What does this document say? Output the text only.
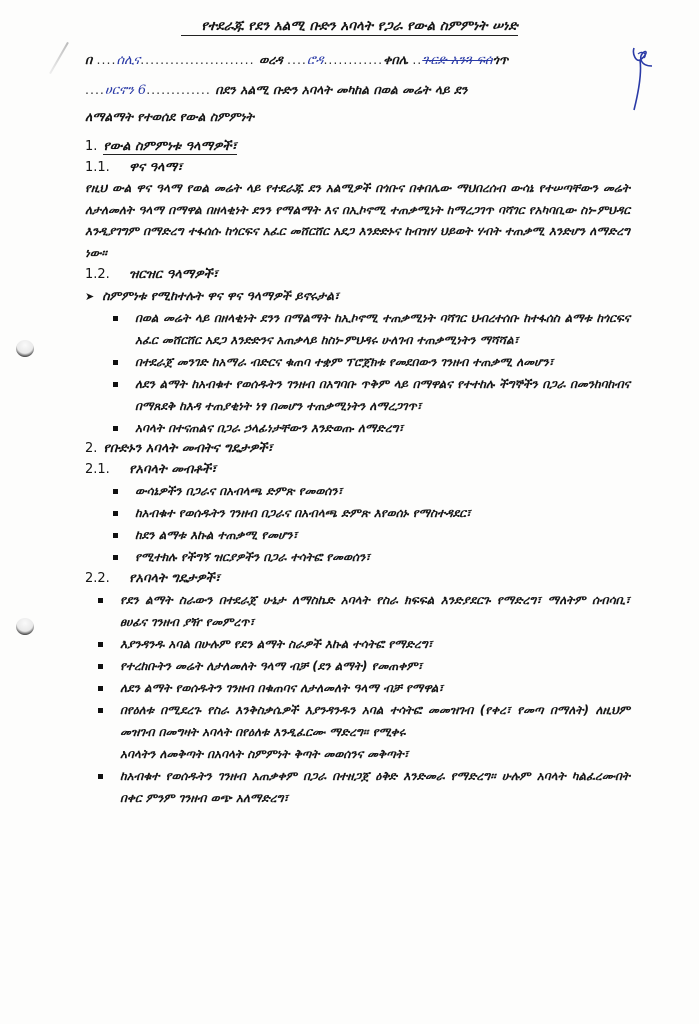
የተደራጁ የደን አልሚ ቡድን አባላት የጋራ የውል ስምምነት ሠነድ
በ ....ሰሊና....................... ወረዳ ....ሮዳ............ቀበሌ ..ጉርድ አንጓ ፍሰጎጥ
....ሀርኖን 6............. በደን አልሚ ቡድን አባላት መካከል በወል መሬት ላይ ደን
ለማልማት የተወሰደ የውል ስምምነት
1. የውል ስምምነቱ ዓላማዎች፣
1.1. ዋና ዓላማ፣
የዚህ ውል ዋና ዓላማ የወል መሬት ላይ የተደራጁ ደን አልሚዎች በጎቡና በቀበሌው ማህበረሰብ ውሳኔ የተሠጣቸውን መሬት ለታለመለት ዓላማ በማዋል በዘላቂነት ደንን የማልማት እና በኢኮኖሚ ተጠቃሚነት ከማረጋገጥ ባሻገር የአካባቢው ስነ-ምህዳር እንዲያገግም በማድረግ ተፋሰሱ ከጎርፍና አፈር መሸርሸር አደጋ እንድድኑና ከብዝሃ ህይወት ሃብት ተጠቃሚ እንድሆን ለማድረግ ነው።
1.2. ዝርዝር ዓላማዎች፣
➤ ስምምነቱ የሚከተሉት ዋና ዋና ዓላማዎች ይኖሩታል፣
በወል መሬት ላይ በዘላቂነት ደንን በማልማት ከኢኮኖሚ ተጠቃሚነት ባሻገር ህብረተሰቡ ከተፋሰስ ልማቱ ከጎርፍና አፈር መሸርሸር አደጋ እንድድንና አጠቃላይ ከስነ-ምህዳሩ ሁለገብ ተጠቃሚነትን ማሻሻል፣
በተደራጀ መንገድ ከአማራ ብድርና ቁጠባ ተቋም ፕሮጀክቱ የመደበውን ገንዘብ ተጠቃሚ ለመሆን፣
ለደን ልማት ከአብቁተ የወሰዱትን ገንዘብ በአግባቡ ጥቅም ላይ በማዋልና የተተከሉ ችግኞችን በጋራ በመንከባከብና በማጸደቅ ከእዳ ተጠያቂነት ነፃ በመሆን ተጠቃሚነትን ለማረጋገጥ፣
አባላት በተናጠልና በጋራ ኃላፊነታቸውን እንድወጡ ለማድረግ፣
2. የቡድኑን አባላት መብትና ግዴታዎች፣
2.1. የአባላት መብቶች፣
ውሳኔዎችን በጋራና በአብላጫ ድምጽ የመወሰን፣
ከአብቁተ የወሰዱትን ገንዘብ በጋራና በአብላጫ ድምጽ እየወሰኑ የማስተዳደር፣
ከደን ልማቱ እኩል ተጠቃሚ የመሆን፣
የሚተክሉ የችግኝ ዝርያዎችን በጋራ ተሳትፎ የመወሰን፣
2.2. የአባላት ግዴታዎች፣
የደን ልማት ስራውን በተደራጀ ሁኔታ ለማስኬድ አባላት የስራ ክፍፍል እንድያደርጉ የማድረግ፣ ማለትም ሰብሳቢ፣ ፀሀፊና ገንዘብ ያዥ የመምረጥ፣
እያንዳንዱ አባል በሁሉም የደን ልማት ስራዎች እኩል ተሳትፎ የማድረግ፣
የተረከቡትን መሬት ለታለመለት ዓላማ ብቻ (ደን ልማት) የመጠቀም፣
ለደን ልማት የወሰዱትን ገንዘብ በቁጠባና ለታለመለት ዓላማ ብቻ የማዋል፣
በየዕለቱ በሚደረጉ የስራ እንቅስቃሴዎች እያንዳንዱን አባል ተሳትፎ መመዝገብ (የቀረ፣ የመጣ በማለት) ለዚህም መዝገብ በመግዛት አባላት በየዕለቱ እንዲፈርሙ ማድረግ። የሚቀሩ
አባላትን ለመቅጣት በአባላት ስምምነት ቅጣት መወሰንና መቅጣት፣
ከአብቁተ የወሰዱትን ገንዘብ አጠቃቀም በጋራ በተዘጋጀ ዕቅድ እንድመራ የማድረግ። ሁሉም አባላት ካልፈረሙበት በቀር ምንም ገንዘብ ወጭ አለማድረግ፣
